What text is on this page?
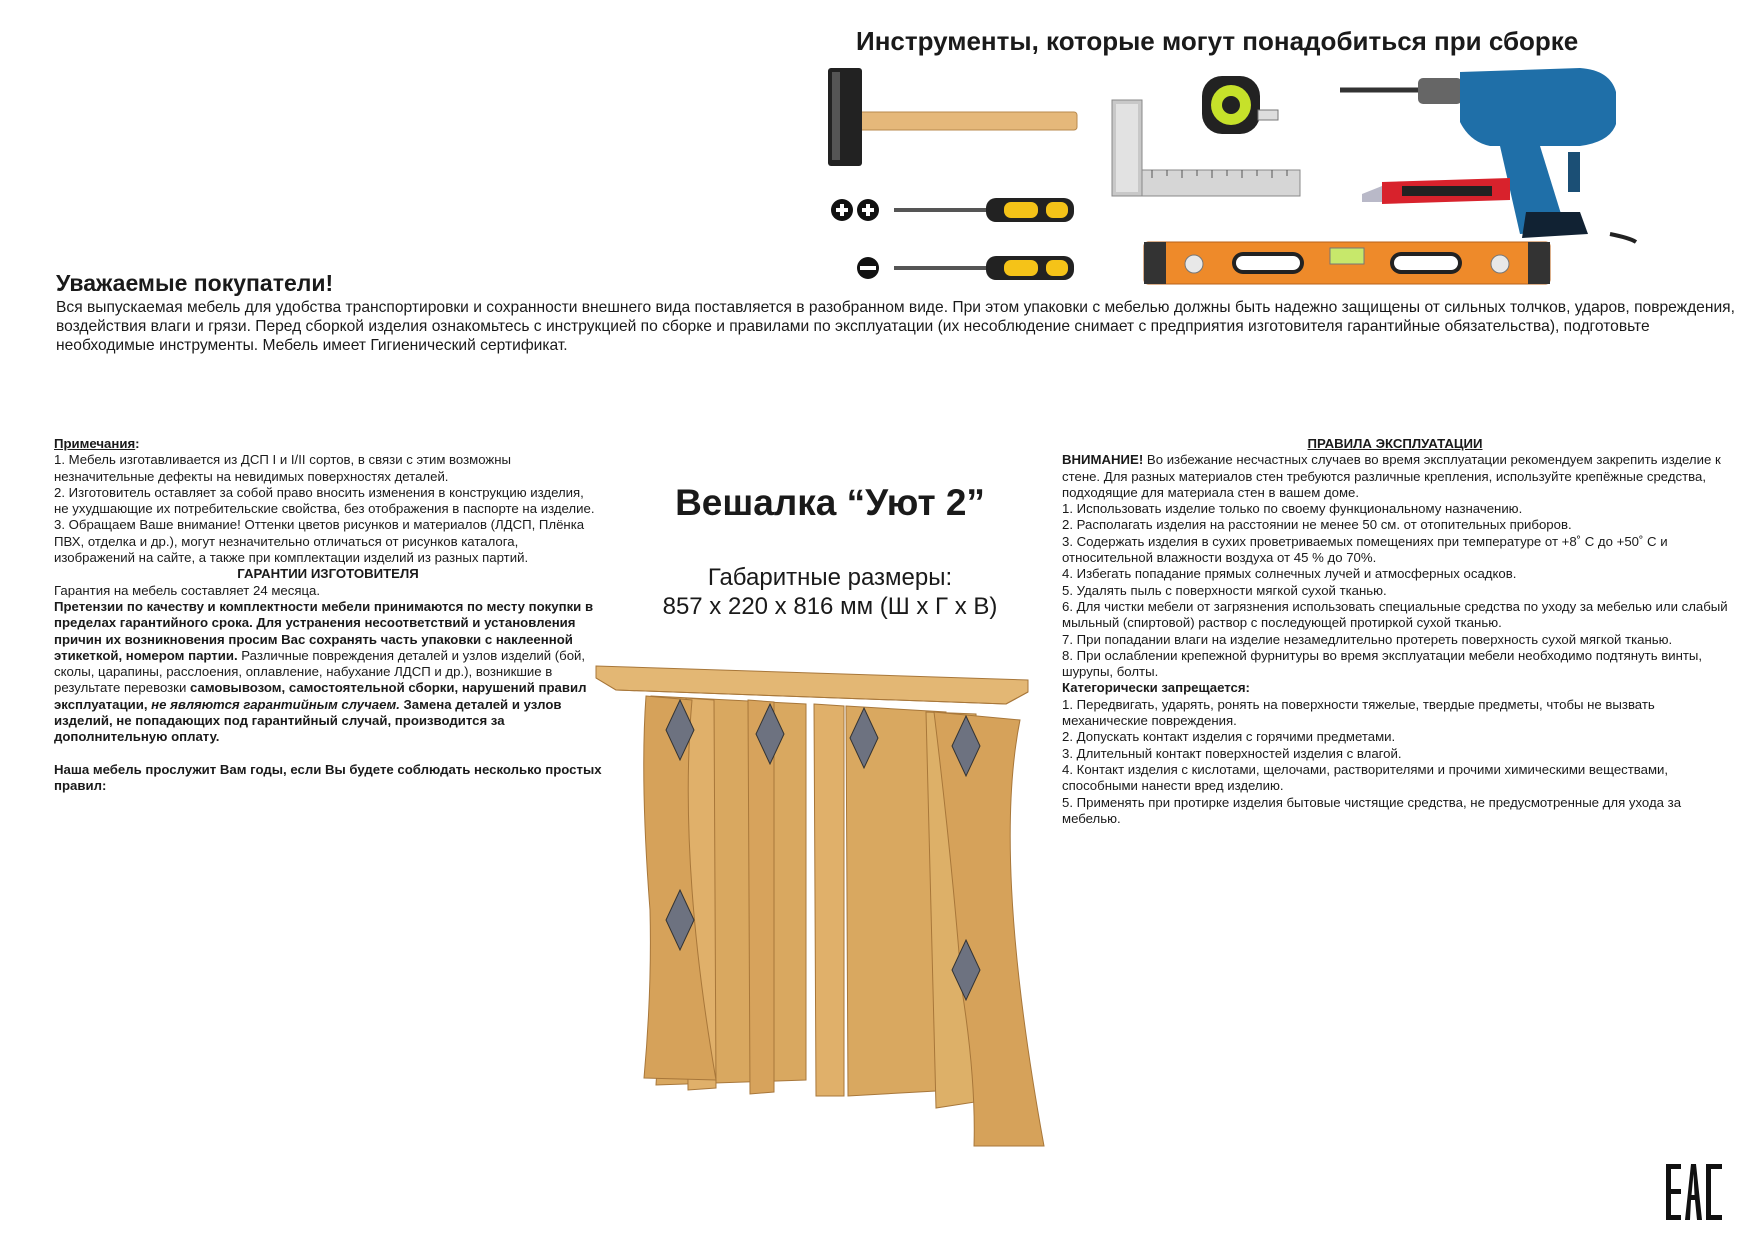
Инструменты, которые могут понадобиться при сборке
Уважаемые покупатели!
Вся выпускаемая мебель для удобства транспортировки и сохранности внешнего вида поставляется в разобранном виде. При этом упаковки с мебелью должны быть надежно защищены от сильных толчков, ударов, повреждения, воздействия влаги и грязи. Перед сборкой изделия ознакомьтесь с инструкцией по сборке и правилами по эксплуатации (их несоблюдение снимает с предприятия изготовителя гарантийные обязательства), подготовьте необходимые инструменты. Мебель имеет Гигиенический сертификат.

Примечания:

1. Мебель изготавливается из ДСП I и I/II сортов, в связи с этим возможны незначительные дефекты на невидимых поверхностях деталей.

2. Изготовитель оставляет за собой право вносить изменения в конструкцию изделия, не ухудшающие их потребительские свойства, без отображения в паспорте на изделие.

3. Обращаем Ваше внимание! Оттенки цветов рисунков и материалов (ЛДСП, Плёнка ПВХ, отделка и др.), могут незначительно отличаться от рисунков каталога, изображений на сайте, а также при комплектации изделий из разных партий.

ГАРАНТИИ ИЗГОТОВИТЕЛЯ

Гарантия на мебель составляет 24 месяца.

Претензии по качеству и комплектности мебели принимаются по месту покупки в пределах гарантийного срока. Для устранения несоответствий и установления причин их возникновения просим Вас сохранять часть упаковки с наклеенной этикеткой, номером партии. Различные повреждения деталей и узлов изделий (бой, сколы, царапины, расслоения, оплавление, набухание ЛДСП и др.), возникшие в результате перевозки самовывозом, самостоятельной сборки, нарушений правил эксплуатации, не являются гарантийным случаем. Замена деталей и узлов изделий, не попадающих под гарантийный случай, производится за дополнительную оплату.

Наша мебель прослужит Вам годы, если Вы будете соблюдать несколько простых правил:

Вешалка “Уют 2”
Габаритные размеры:
857 х 220 х 816 мм (Ш х Г х В)

ПРАВИЛА ЭКСПЛУАТАЦИИ

ВНИМАНИЕ! Во избежание несчастных случаев во время эксплуатации рекомендуем закрепить изделие к стене. Для разных материалов стен требуются различные крепления, используйте крепёжные средства, подходящие для материала стен в вашем доме.

1. Использовать изделие только по своему функциональному назначению.

2. Располагать изделия на расстоянии не менее 50 см. от отопительных приборов.

3. Содержать изделия в сухих проветриваемых помещениях при температуре от +8˚ С до +50˚ С и относительной влажности воздуха от 45 % до 70%.

4. Избегать попадание прямых солнечных лучей и атмосферных осадков.

5. Удалять пыль с поверхности мягкой сухой тканью.

6. Для чистки мебели от загрязнения использовать специальные средства по уходу за мебелью или слабый мыльный (спиртовой) раствор с последующей протиркой сухой тканью.

7. При попадании влаги на изделие незамедлительно протереть поверхность сухой мягкой тканью.

8. При ослаблении крепежной фурнитуры во время эксплуатации мебели необходимо подтянуть винты, шурупы, болты.

Категорически запрещается:

1. Передвигать, ударять, ронять на поверхности тяжелые, твердые предметы, чтобы не вызвать механические повреждения.

2. Допускать контакт изделия с горячими предметами.

3. Длительный контакт поверхностей изделия с влагой.

4. Контакт изделия с кислотами, щелочами, растворителями и прочими химическими веществами, способными нанести вред изделию.

5. Применять при протирке изделия бытовые чистящие средства, не предусмотренные для ухода за мебелью.
